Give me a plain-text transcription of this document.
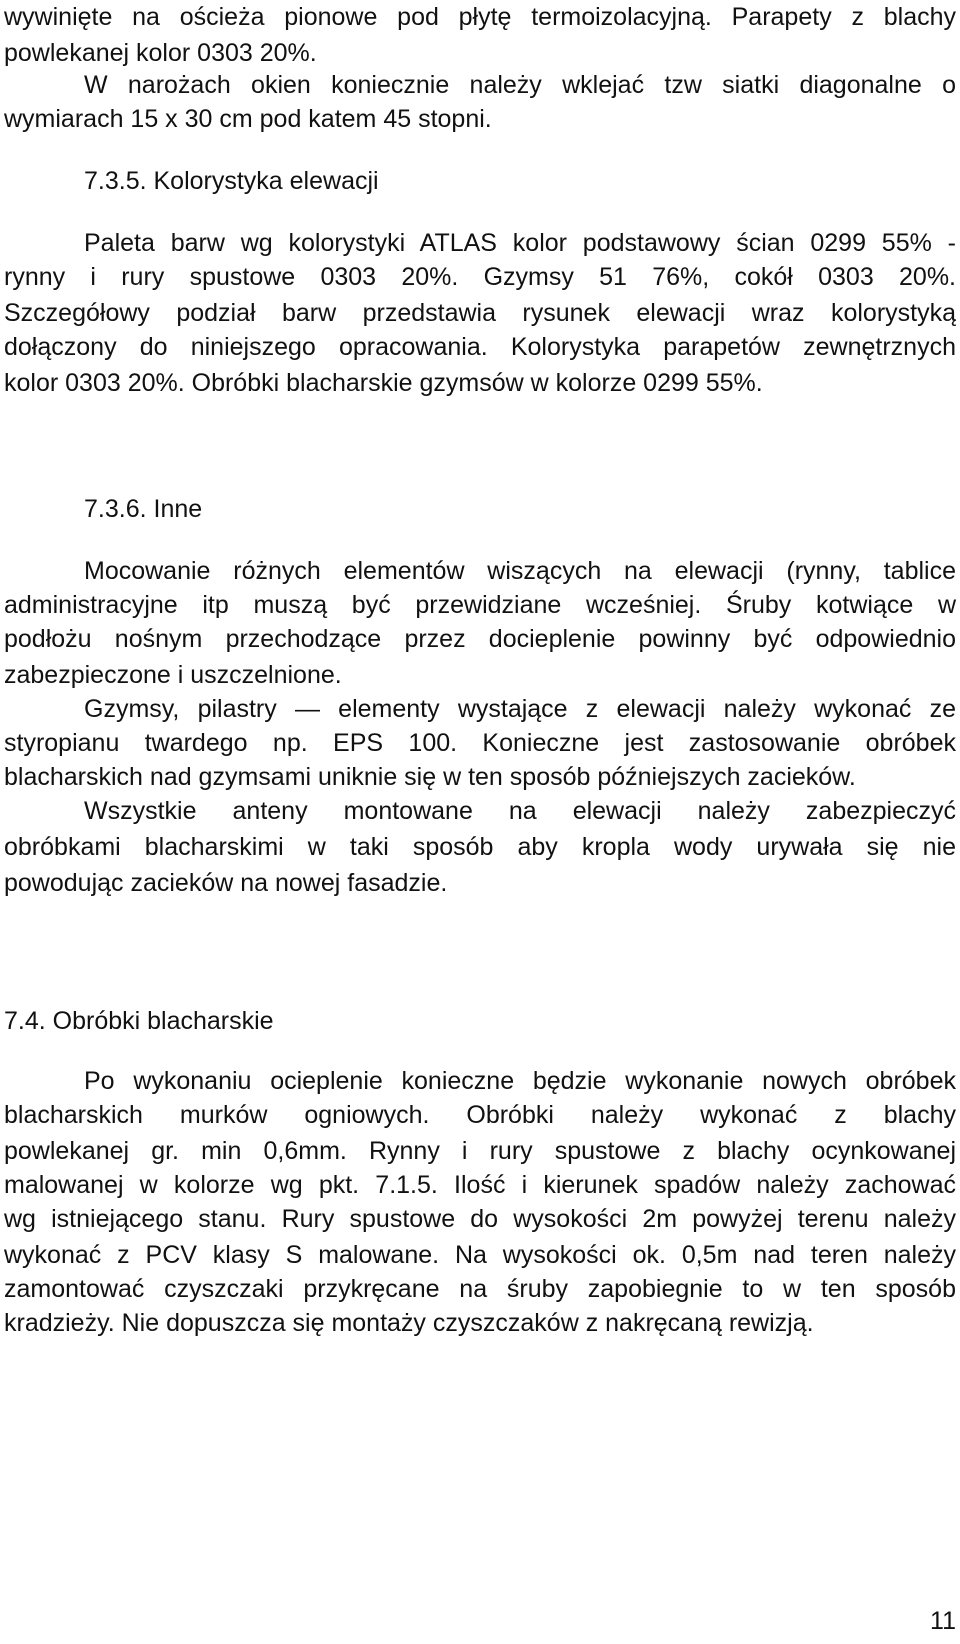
wywinięte na ościeża pionowe pod płytę termoizolacyjną. Parapety z blachy
powlekanej kolor 0303 20%.
W narożach okien koniecznie należy wklejać tzw siatki diagonalne o
wymiarach 15 x 30 cm pod katem 45 stopni.
7.3.5. Kolorystyka elewacji
Paleta barw wg kolorystyki ATLAS kolor podstawowy ścian 0299 55% -
rynny i rury spustowe 0303 20%. Gzymsy 51 76%, cokół 0303 20%.
Szczegółowy podział barw przedstawia rysunek elewacji wraz kolorystyką
dołączony do niniejszego opracowania. Kolorystyka parapetów zewnętrznych
kolor 0303 20%. Obróbki blacharskie gzymsów w kolorze 0299 55%.
7.3.6. Inne
Mocowanie różnych elementów wiszących na elewacji (rynny, tablice
administracyjne itp muszą być przewidziane wcześniej. Śruby kotwiące w
podłożu nośnym przechodzące przez docieplenie powinny być odpowiednio
zabezpieczone i uszczelnione.
Gzymsy, pilastry — elementy wystające z elewacji należy wykonać ze
styropianu twardego np. EPS 100. Konieczne jest zastosowanie obróbek
blacharskich nad gzymsami uniknie się w ten sposób późniejszych zacieków.
Wszystkie anteny montowane na elewacji należy zabezpieczyć
obróbkami blacharskimi w taki sposób aby kropla wody urywała się nie
powodując zacieków na nowej fasadzie.
7.4. Obróbki blacharskie
Po wykonaniu ocieplenie konieczne będzie wykonanie nowych obróbek
blacharskich murków ogniowych. Obróbki należy wykonać z blachy
powlekanej gr. min 0,6mm. Rynny i rury spustowe z blachy ocynkowanej
malowanej w kolorze wg pkt. 7.1.5. Ilość i kierunek spadów należy zachować
wg istniejącego stanu. Rury spustowe do wysokości 2m powyżej terenu należy
wykonać z PCV klasy S malowane. Na wysokości ok. 0,5m nad teren należy
zamontować czyszczaki przykręcane na śruby zapobiegnie to w ten sposób
kradzieży. Nie dopuszcza się montaży czyszczaków z nakręcaną rewizją.
11
